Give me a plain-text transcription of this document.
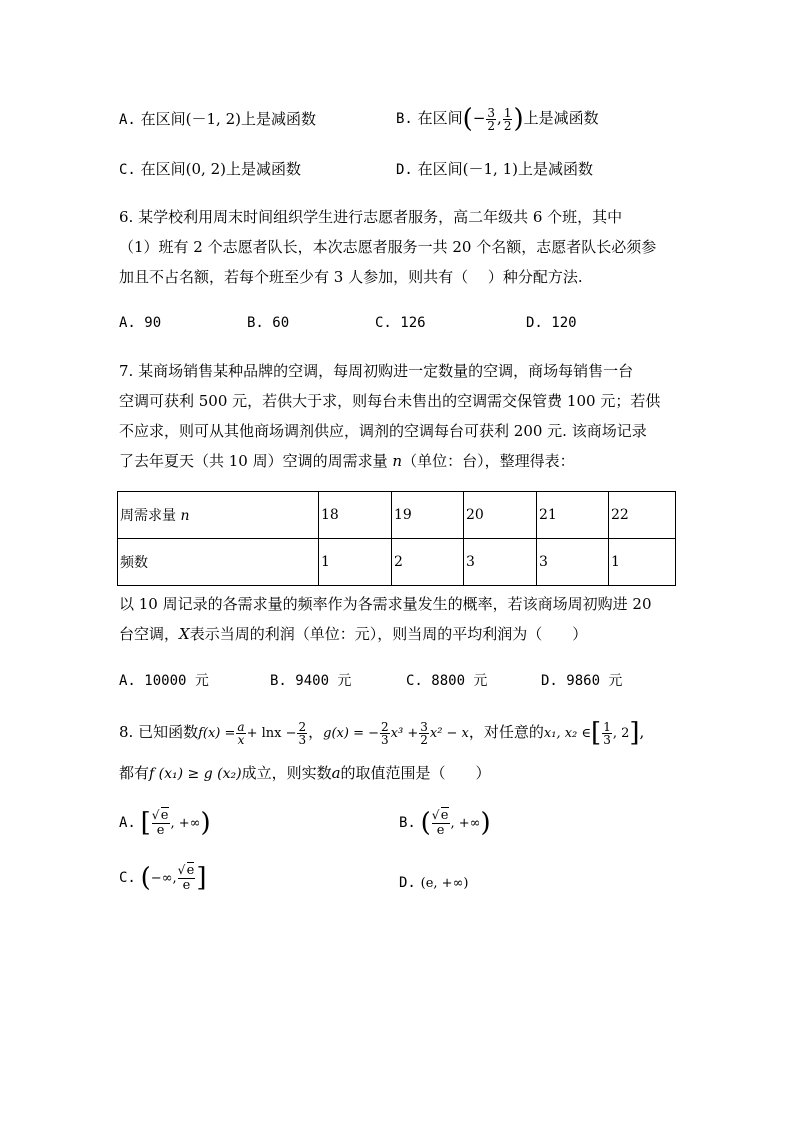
A. 在区间(－1, 2)上是减函数	B. 在区间(− $\frac{3}{2}$ , $\frac{1}{2}$ )上是减函数
C. 在区间(0, 2)上是减函数	D. 在区间(－1, 1)上是减函数
6. 某学校利用周末时间组织学生进行志愿者服务，高二年级共 6 个班，其中
（1）班有 2 个志愿者队长，本次志愿者服务一共 20 个名额，志愿者队长必须参
加且不占名额，若每个班至少有 3 人参加，则共有（　 ）种分配方法.
A. 90	B. 60	C. 126	D. 120
7. 某商场销售某种品牌的空调，每周初购进一定数量的空调，商场每销售一台
空调可获利 500 元，若供大于求，则每台未售出的空调需交保管费 100 元；若供
不应求，则可从其他商场调剂供应，调剂的空调每台可获利 200 元. 该商场记录
了去年夏天（共 10 周）空调的周需求量 n（单位：台），整理得表：
周需求量 n	18	19	20	21	22
频数	1	2	3	3	1
以 10 周记录的各需求量的频率作为各需求量发生的概率，若该商场周初购进 20
台空调，X表示当周的利润（单位：元），则当周的平均利润为（　　）
A. 10000 元	B. 9400 元	C. 8800 元	D. 9860 元
8. 已知函数$f(x) = \frac{a}{x} + \ln x - \frac{2}{3}$ ，g(x) = − $\frac{2}{3} x^3 + \frac{3}{2} x^2 - x$，对任意的x₁, x₂ ∈[ $\frac{1}{3}$ , 2],
都有f (x₁) ≥ g (x₂)成立，则实数a的取值范围是（　　）
A. [ √ $\frac{e}{e}$ , +∞)	B. ( √ $\frac{e}{e}$ , +∞)
C. (−∞, √ $\frac{e}{e}$ ]	D. (e, +∞)
